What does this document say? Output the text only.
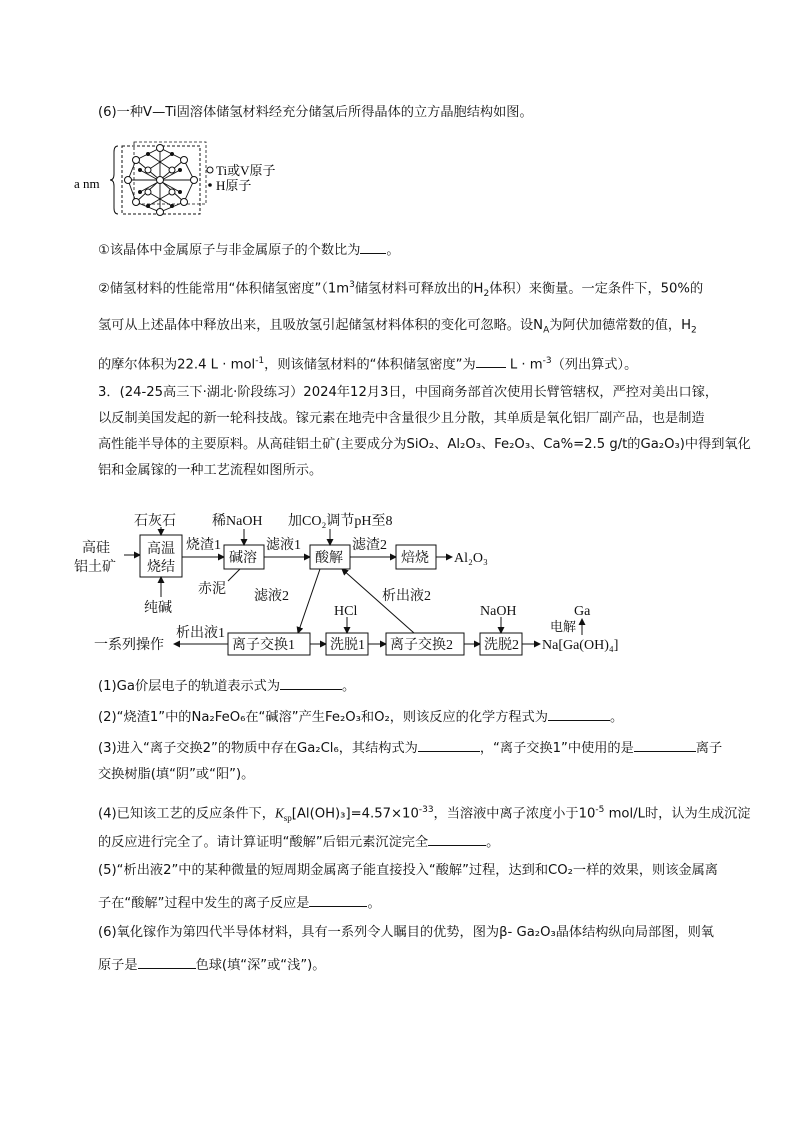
(6)一种V—Ti固溶体储氢材料经充分储氢后所得晶体的立方晶胞结构如图。
a nm
Ti或V原子
H原子
①该晶体中金属原子与非金属原子的个数比为 。
②储氢材料的性能常用“体积储氢密度$”(1m^3$储氢材料可释放出的$H_2$体积）来衡量。一定条件下，50%的
氢可从上述晶体中释放出来，且吸放氢引起储氢材料体积的变化可忽略。设$N_A$为阿伏加德常数的值，$H_2$
的摩尔体积为22.4 L · mol$^{-1}$，则该储氢材料的“体积储氢密度”为	$L \cdot m^{-3}$（列出算式）。
3．(24-25高三下·湖北·阶段练习）2024年12月3日，中国商务部首次使用长臂管辖权，严控对美出口镓，
以反制美国发起的新一轮科技战。镓元素在地壳中含量很少且分散，其单质是氧化铝厂副产品，也是制造
高性能半导体的主要原料。从高硅铝土矿(主要成分为SiO₂、Al₂O₃、Fe₂O₃、Ca%=2.5 g/t的Ga₂O₃)中得到氧化
铝和金属镓的一种工艺流程如图所示。
高硅
铝土矿
高温
烧结
石灰石
纯碱
烧渣1
碱溶
稀NaOH
赤泥
滤液1
酸解
加CO₂调节pH至8
滤渣2
焙烧 Al₂O₃
滤液2	析出液2
离子交换1	洗脱1
HCl
离子交换2 洗脱2
NaOH
Na[Ga(OH)₄]
Ga
电解
析出液1
一系列操作
(1)Ga价层电子的轨道表示式为	。
(2)“烧渣1”中的Na₂FeO₆在“碱溶”产生Fe₂O₃和O₂，则该反应的化学方程式为	。
(3)进入“离子交换2”的物质中存在Ga₂Cl₆，其结构式为	，“离子交换1”中使用的是	离子
交换树脂(填“阴”或“阳”)。
(4)已知该工艺的反应条件下，$K_{sp}[Al(OH)_3]=4.57\times 10^{-33}$，当溶液中离子浓度小于$10^{-5}$ mol/L时，认为生成沉淀
的反应进行完全了。请计算证明“酸解”后铝元素沉淀完全	。
(5)“析出液2”中的某种微量的短周期金属离子能直接投入“酸解”过程，达到和CO₂一样的效果，则该金属离
子在“酸解”过程中发生的离子反应是	。
(6)氧化镓作为第四代半导体材料，具有一系列令人瞩目的优势，图为β- Ga₂O₃晶体结构纵向局部图，则氧
原子是	色球(填“深”或“浅”)。
